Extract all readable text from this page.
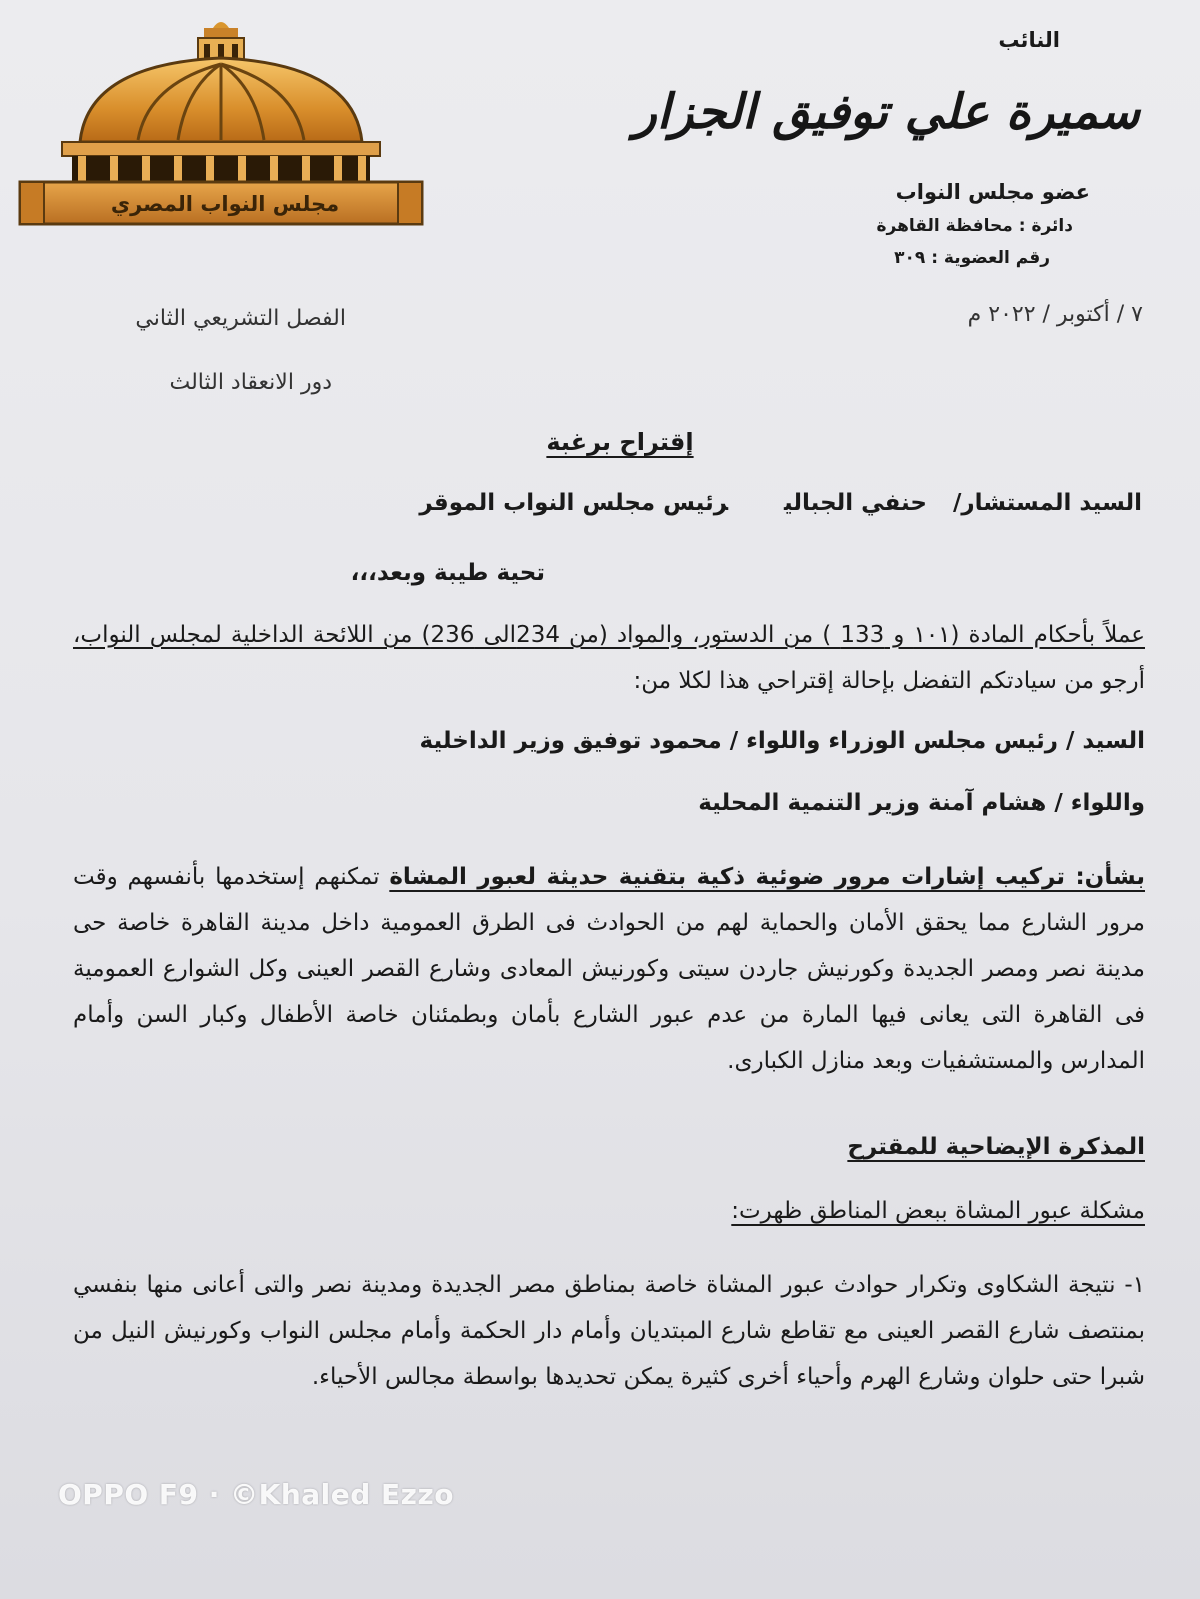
مجلس النواب المصري
النائب
سميرة علي توفيق الجزار
عضو مجلس النواب
دائرة : محافظة القاهرة
رقم العضوية : ٣٠٩
٧ / أكتوبر / ٢٠٢٢ م
الفصل التشريعي الثاني
دور الانعقاد الثالث
إقتراح برغبة
السيد المستشار/حنفي الجباليرئيس مجلس النواب الموقر
تحية طيبة وبعد،،،
عملاً بأحكام المادة (١٠١ و 133 ) من الدستور، والمواد (من 234الى 236) من اللائحة الداخلية لمجلس النواب، أرجو من سيادتكم التفضل بإحالة إقتراحي هذا لكلا من:
السيد / رئيس مجلس الوزراء واللواء / محمود توفيق وزير الداخلية
واللواء / هشام آمنة وزير التنمية المحلية
بشأن: تركيب إشارات مرور ضوئية ذكية بتقنية حديثة لعبور المشاة تمكنهم إستخدمها بأنفسهم وقت مرور الشارع مما يحقق الأمان والحماية لهم من الحوادث فى الطرق العمومية داخل مدينة القاهرة خاصة حى مدينة نصر ومصر الجديدة وكورنيش جاردن سيتى وكورنيش المعادى وشارع القصر العينى وكل الشوارع العمومية فى القاهرة التى يعانى فيها المارة من عدم عبور الشارع بأمان وبطمئنان خاصة الأطفال وكبار السن وأمام المدارس والمستشفيات وبعد منازل الكبارى.
المذكرة الإيضاحية للمقترح
مشكلة عبور المشاة ببعض المناطق ظهرت:
١- نتيجة الشكاوى وتكرار حوادث عبور المشاة خاصة بمناطق مصر الجديدة ومدينة نصر والتى أعانى منها بنفسي بمنتصف شارع القصر العينى مع تقاطع شارع المبتديان وأمام دار الحكمة وأمام مجلس النواب وكورنيش النيل من شبرا حتى حلوان وشارع الهرم وأحياء أخرى كثيرة يمكن تحديدها بواسطة مجالس الأحياء.
OPPO F9 · ©Khaled Ezzo
